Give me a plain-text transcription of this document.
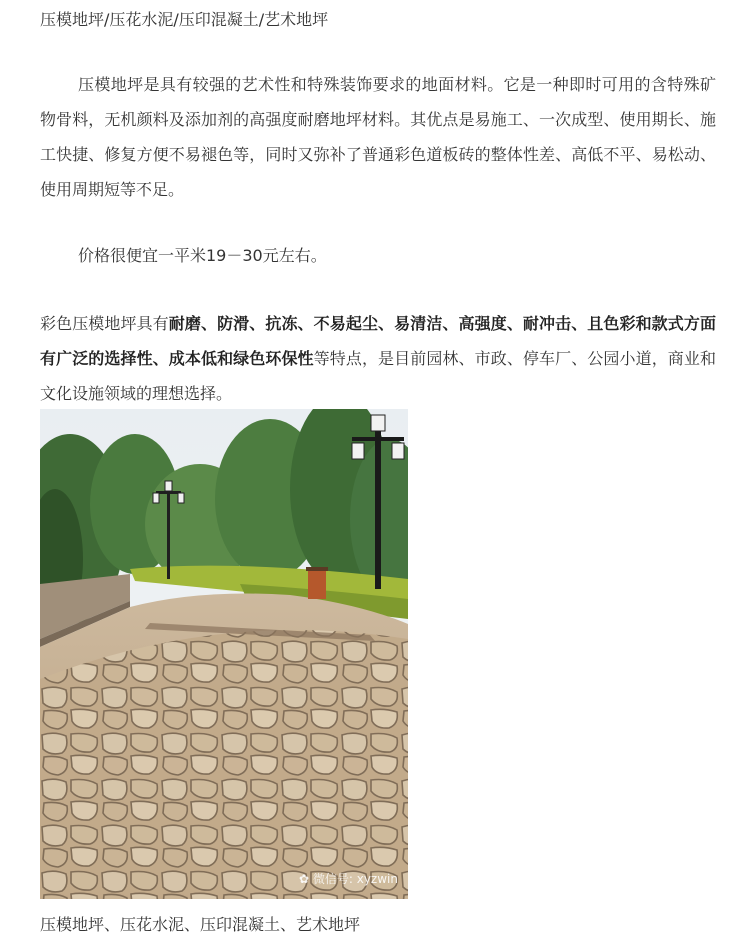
压模地坪/压花水泥/压印混凝土/艺术地坪

压模地坪是具有较强的艺术性和特殊装饰要求的地面材料。它是一种即时可用的含特殊矿物骨料，无机颜料及添加剂的高强度耐磨地坪材料。其优点是易施工、一次成型、使用期长、施工快捷、修复方便不易褪色等，同时又弥补了普通彩色道板砖的整体性差、高低不平、易松动、使用周期短等不足。

价格很便宜一平米19－30元左右。

彩色压模地坪具有耐磨、防滑、抗冻、不易起尘、易清洁、高强度、耐冲击、且色彩和款式方面有广泛的选择性、成本低和绿色环保性等特点，是目前园林、市政、停车厂、公园小道，商业和文化设施领域的理想选择。

✿ 微信号: xyzwin
压模地坪、压花水泥、压印混凝土、艺术地坪
